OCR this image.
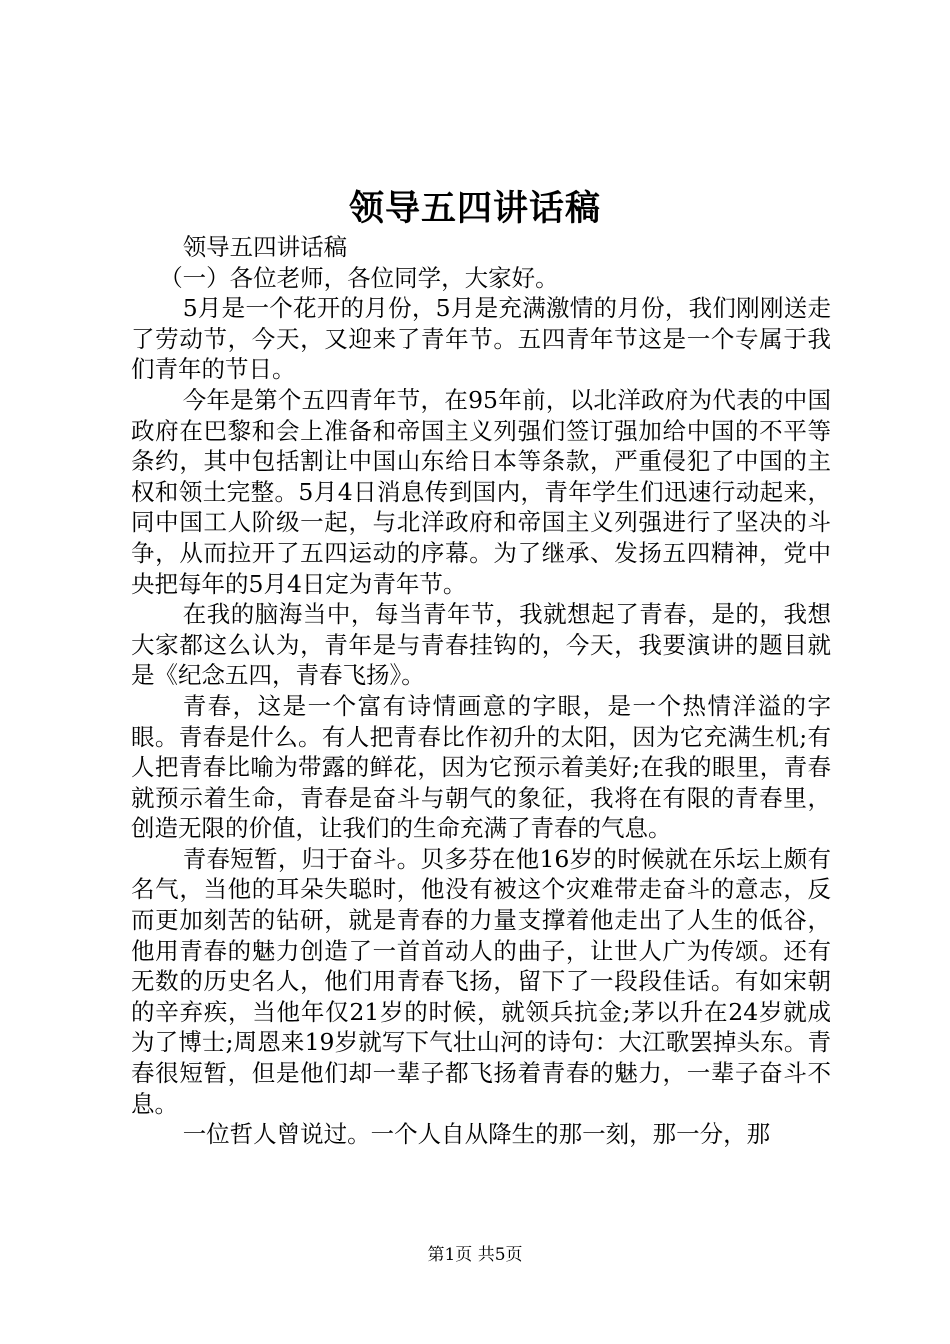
领导五四讲话稿

领导五四讲话稿

（一）各位老师，各位同学，大家好。

5月是一个花开的月份，5月是充满激情的月份，我们刚刚送走了劳动节，今天，又迎来了青年节。五四青年节这是一个专属于我们青年的节日。

今年是第个五四青年节，在95年前，以北洋政府为代表的中国政府在巴黎和会上准备和帝国主义列强们签订强加给中国的不平等条约，其中包括割让中国山东给日本等条款，严重侵犯了中国的主权和领土完整。5月4日消息传到国内，青年学生们迅速行动起来，同中国工人阶级一起，与北洋政府和帝国主义列强进行了坚决的斗争，从而拉开了五四运动的序幕。为了继承、发扬五四精神，党中央把每年的5月4日定为青年节。

在我的脑海当中，每当青年节，我就想起了青春，是的，我想大家都这么认为，青年是与青春挂钩的，今天，我要演讲的题目就是《纪念五四，青春飞扬》。

青春，这是一个富有诗情画意的字眼，是一个热情洋溢的字眼。青春是什么。有人把青春比作初升的太阳，因为它充满生机;有人把青春比喻为带露的鲜花，因为它预示着美好;在我的眼里，青春就预示着生命，青春是奋斗与朝气的象征，我将在有限的青春里，创造无限的价值，让我们的生命充满了青春的气息。

青春短暂，归于奋斗。贝多芬在他16岁的时候就在乐坛上颇有名气，当他的耳朵失聪时，他没有被这个灾难带走奋斗的意志，反而更加刻苦的钻研，就是青春的力量支撑着他走出了人生的低谷，他用青春的魅力创造了一首首动人的曲子，让世人广为传颂。还有无数的历史名人，他们用青春飞扬，留下了一段段佳话。有如宋朝的辛弃疾，当他年仅21岁的时候，就领兵抗金;茅以升在24岁就成为了博士;周恩来19岁就写下气壮山河的诗句：大江歌罢掉头东。青春很短暂，但是他们却一辈子都飞扬着青春的魅力，一辈子奋斗不息。

一位哲人曾说过。一个人自从降生的那一刻，那一分，那

第1页 共5页
